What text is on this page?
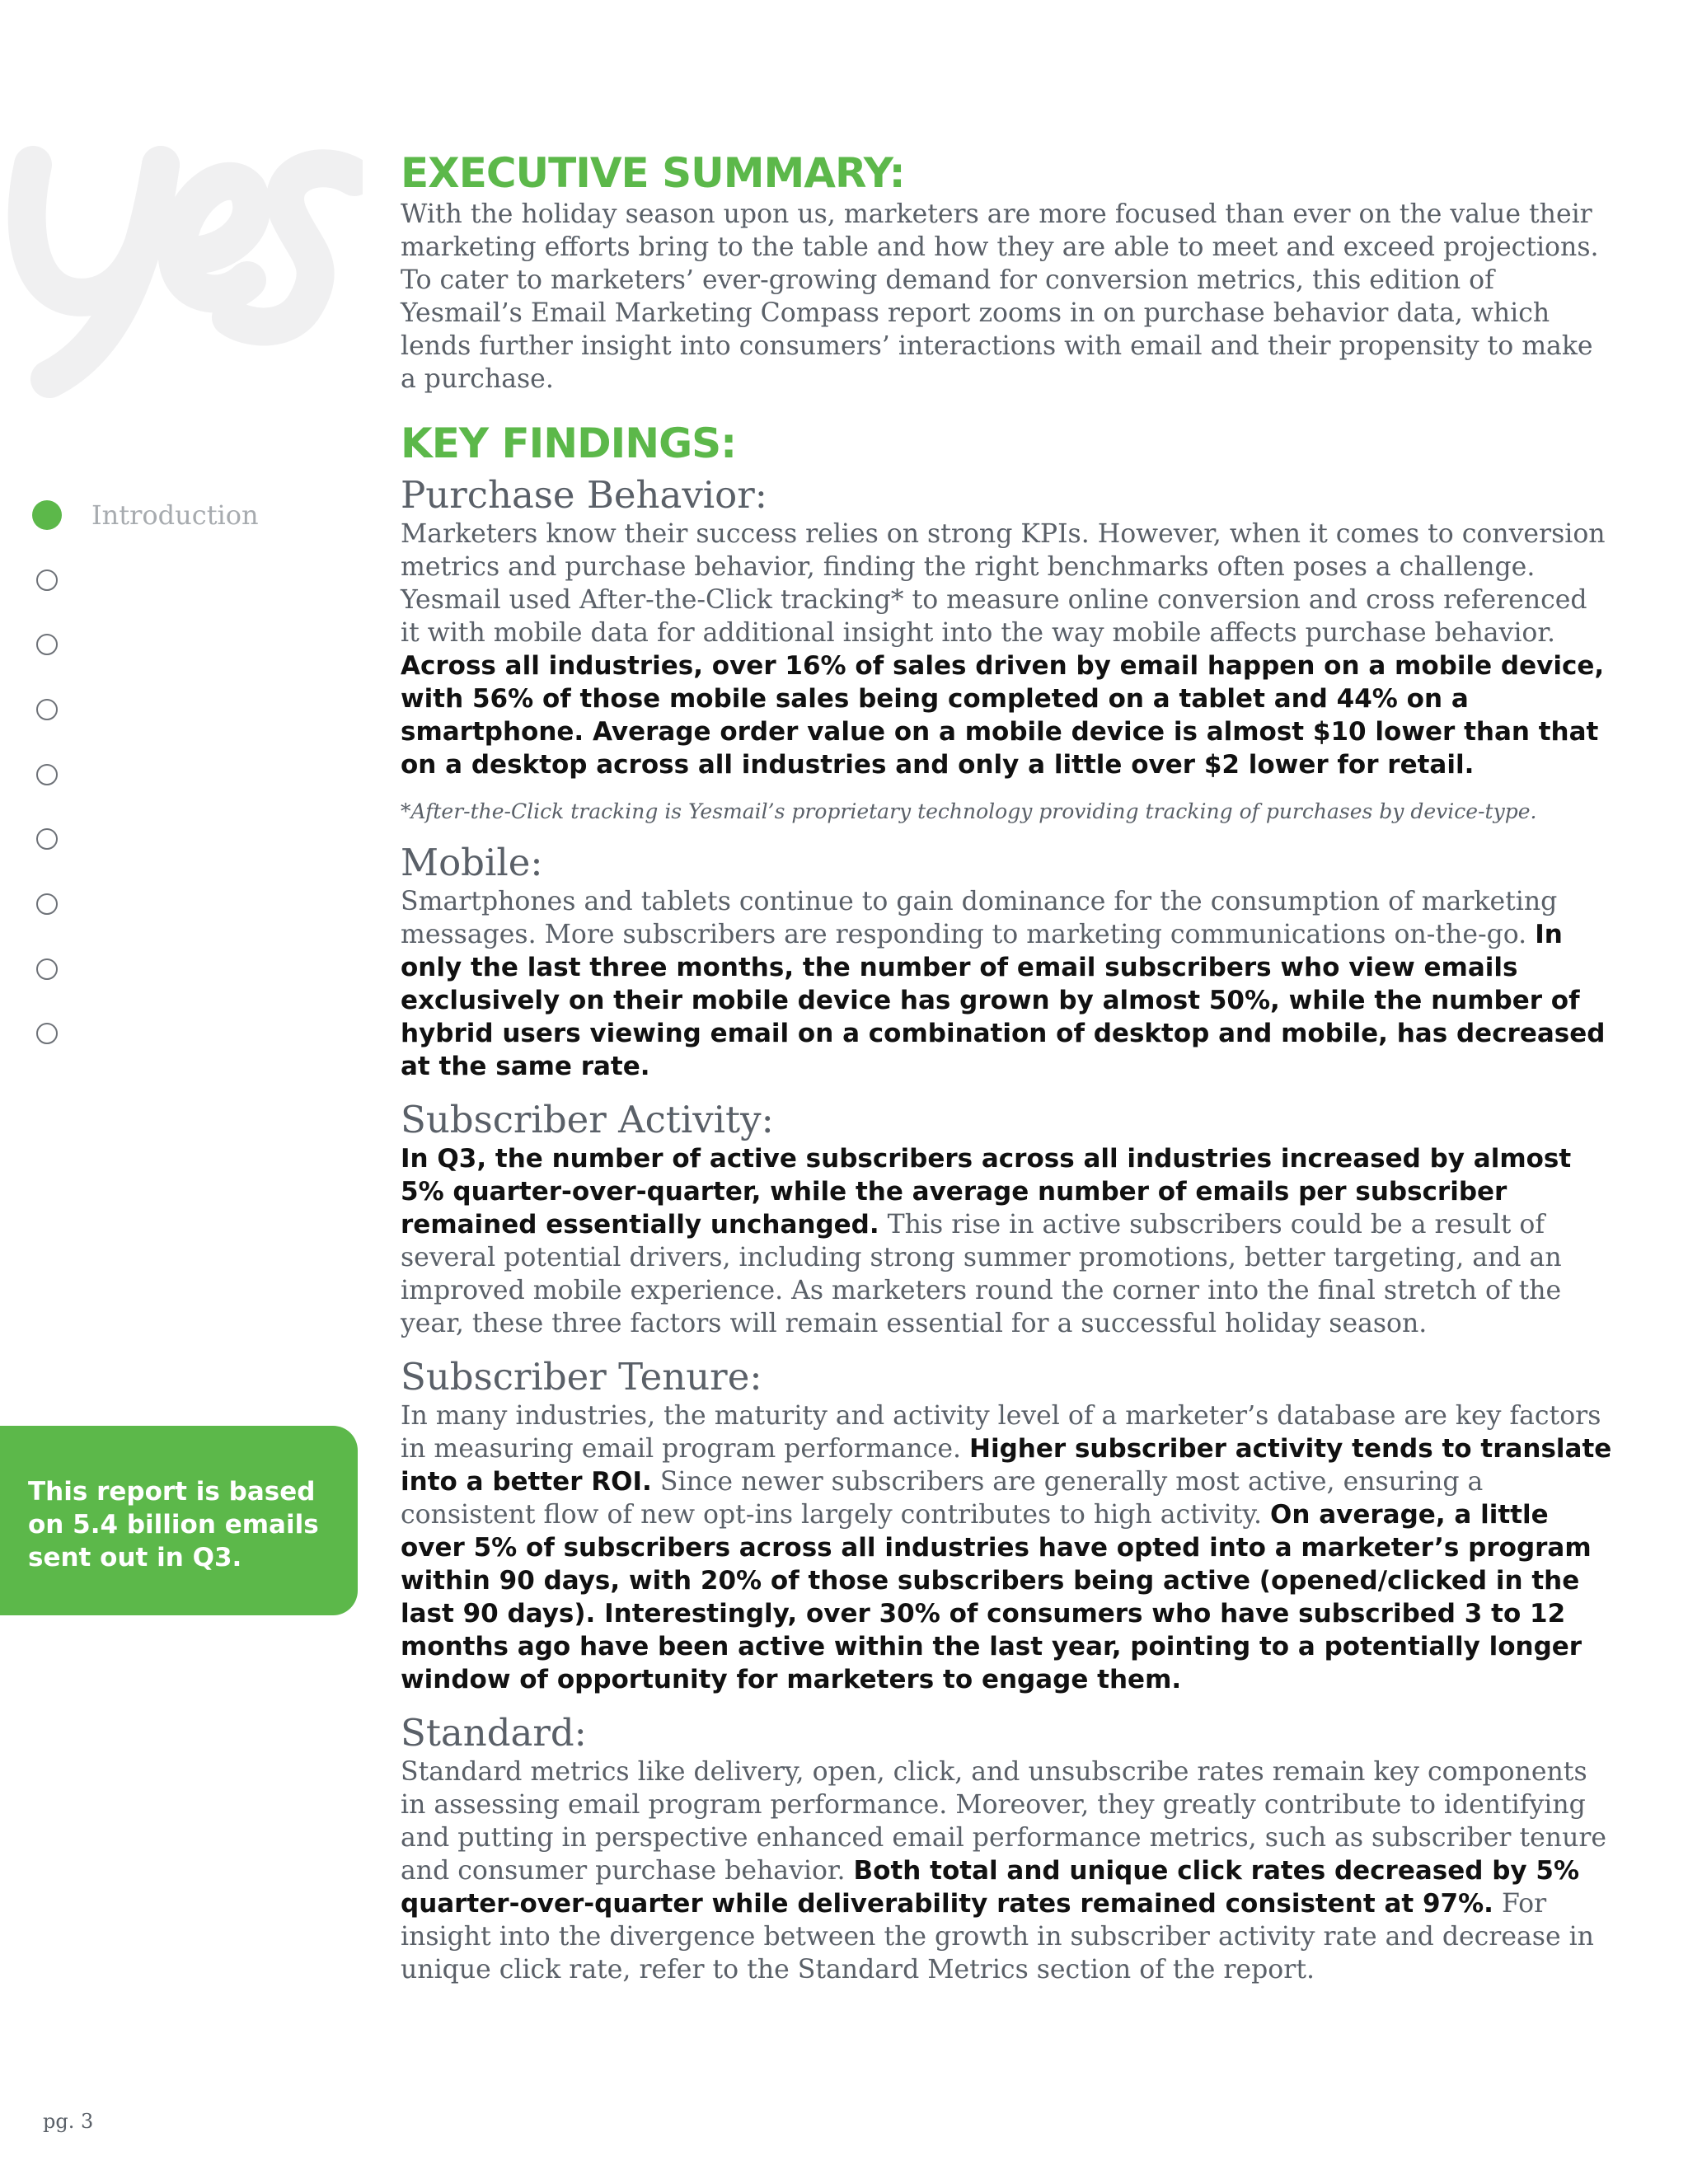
Introduction
This report is based on 5.4 billion emails sent out in Q3.
EXECUTIVE SUMMARY:

With the holiday season upon us, marketers are more focused than ever on the value their marketing efforts bring to the table and how they are able to meet and exceed projections. To cater to marketers’ ever-growing demand for conversion metrics, this edition of Yesmail’s Email Marketing Compass report zooms in on purchase behavior data, which lends further insight into consumers’ interactions with email and their propensity to make a purchase.

KEY FINDINGS:
Purchase Behavior:

Marketers know their success relies on strong KPIs. However, when it comes to conversion metrics and purchase behavior, finding the right benchmarks often poses a challenge. Yesmail used After-the-Click tracking* to measure online conversion and cross referenced it with mobile data for additional insight into the way mobile affects purchase behavior. Across all industries, over 16% of sales driven by email happen on a mobile device, with 56% of those mobile sales being completed on a tablet and 44% on a smartphone. Average order value on a mobile device is almost $10 lower than that on a desktop across all industries and only a little over $2 lower for retail.

*After-the-Click tracking is Yesmail’s proprietary technology providing tracking of purchases by device-type.
Mobile:

Smartphones and tablets continue to gain dominance for the consumption of marketing messages. More subscribers are responding to marketing communications on-the-go. In only the last three months, the number of email subscribers who view emails exclusively on their mobile device has grown by almost 50%, while the number of hybrid users viewing email on a combination of desktop and mobile, has decreased at the same rate.

Subscriber Activity:

In Q3, the number of active subscribers across all industries increased by almost 5% quarter-over-quarter, while the average number of emails per subscriber remained essentially unchanged. This rise in active subscribers could be a result of several potential drivers, including strong summer promotions, better targeting, and an improved mobile experience. As marketers round the corner into the final stretch of the year, these three factors will remain essential for a successful holiday season.

Subscriber Tenure:

In many industries, the maturity and activity level of a marketer’s database are key factors in measuring email program performance. Higher subscriber activity tends to translate into a better ROI. Since newer subscribers are generally most active, ensuring a consistent flow of new opt-ins largely contributes to high activity. On average, a little over 5% of subscribers across all industries have opted into a marketer’s program within 90 days, with 20% of those subscribers being active (opened/clicked in the last 90 days). Interestingly, over 30% of consumers who have subscribed 3 to 12 months ago have been active within the last year, pointing to a potentially longer window of opportunity for marketers to engage them.

Standard:

Standard metrics like delivery, open, click, and unsubscribe rates remain key components in assessing email program performance. Moreover, they greatly contribute to identifying and putting in perspective enhanced email performance metrics, such as subscriber tenure and consumer purchase behavior. Both total and unique click rates decreased by 5% quarter-over-quarter while deliverability rates remained consistent at 97%. For insight into the divergence between the growth in subscriber activity rate and decrease in unique click rate, refer to the Standard Metrics section of the report.

pg. 3
